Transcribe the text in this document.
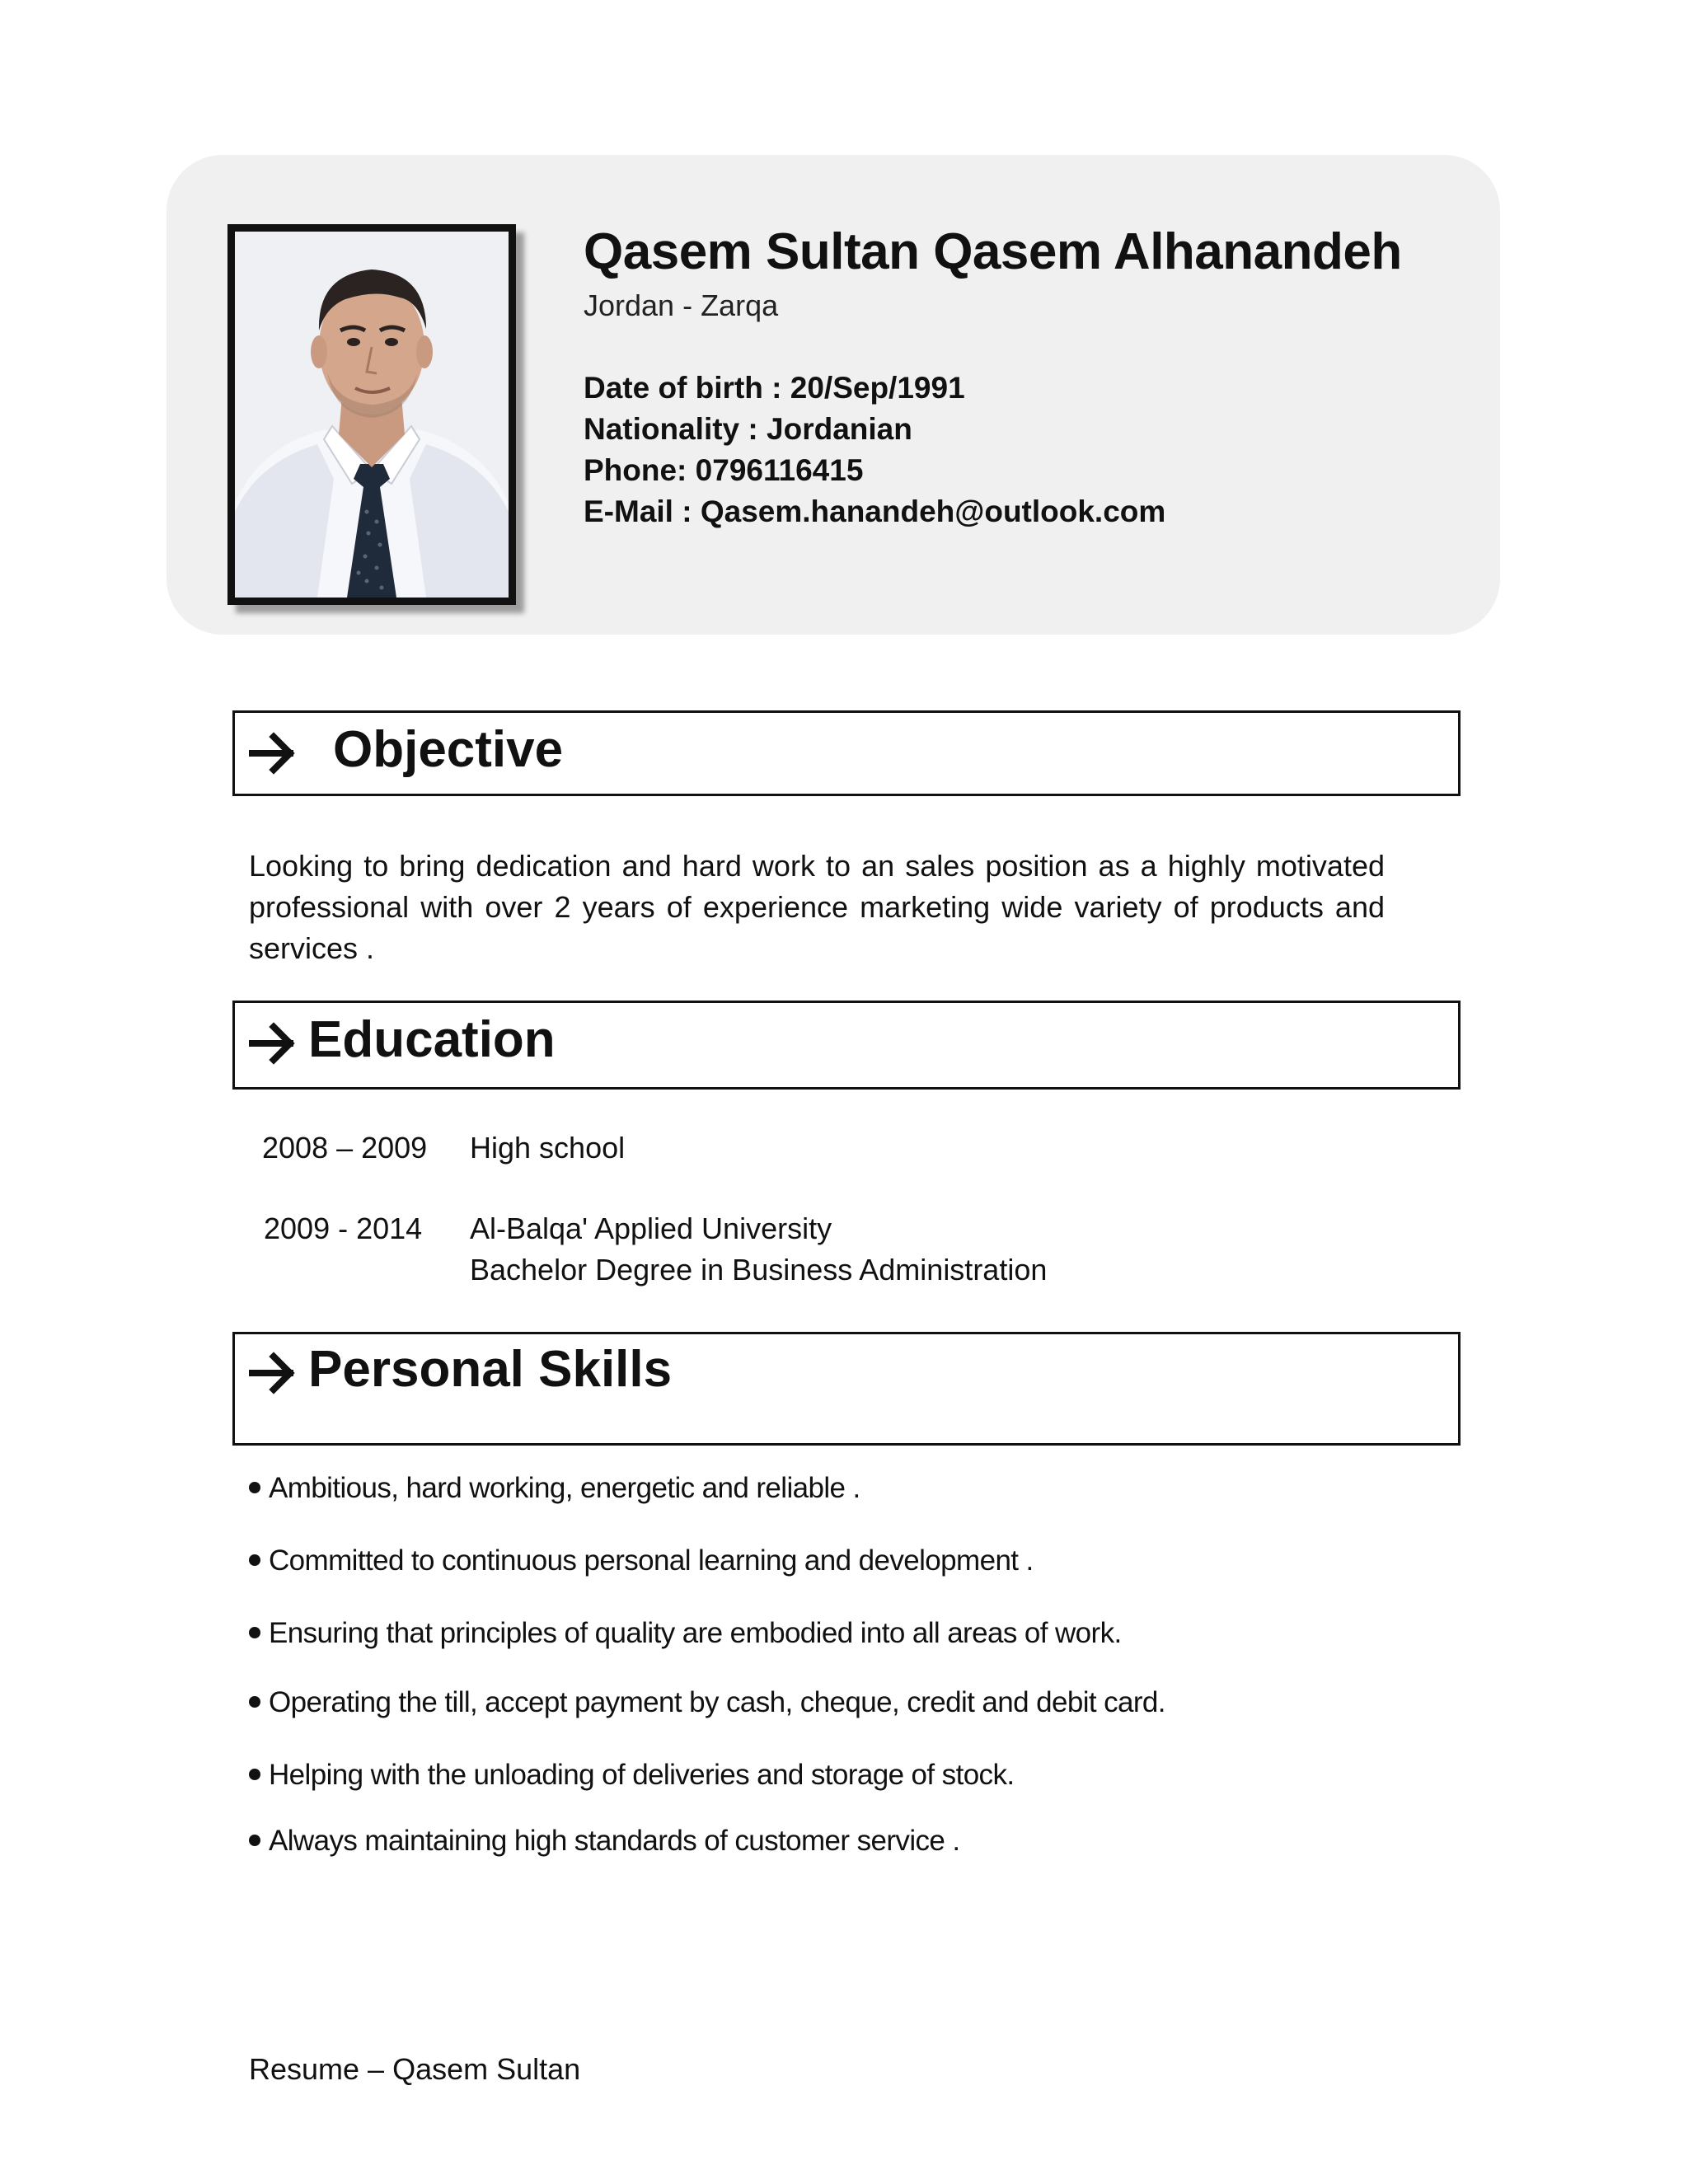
Qasem Sultan Qasem Alhanandeh
Jordan - Zarqa
Date of birth : 20/Sep/1991
Nationality : Jordanian
Phone: 0796116415
E-Mail : Qasem.hanandeh@outlook.com
Objective
Looking to bring dedication and hard work to an sales position as a highly motivated professional with over 2 years of experience marketing wide variety of products and services .
Education
2008 – 2009 High school
2009 - 2014 Al-Balqa' Applied University
Bachelor Degree in Business Administration
Personal Skills
Ambitious, hard working, energetic and reliable .
Committed to continuous personal learning and development .
Ensuring that principles of quality are embodied into all areas of work.
Operating the till, accept payment by cash, cheque, credit and debit card.
Helping with the unloading of deliveries and storage of stock.
Always maintaining high standards of customer service .
Resume – Qasem Sultan
